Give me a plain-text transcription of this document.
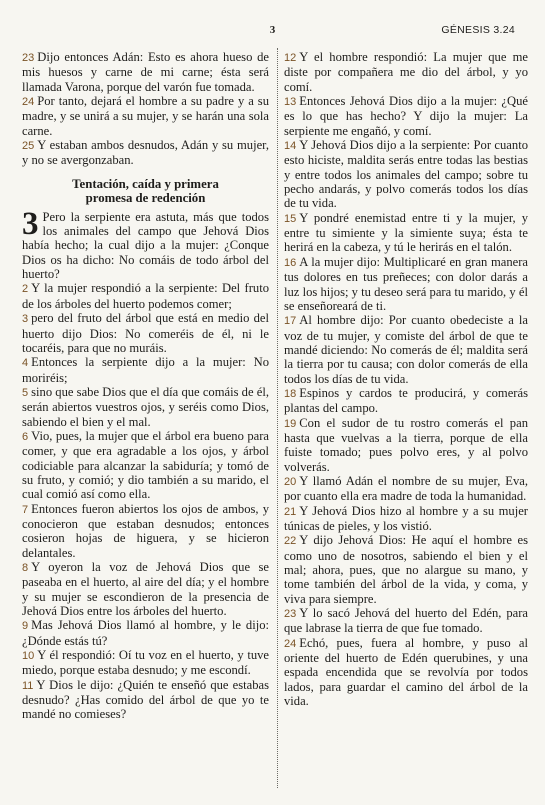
3	GÉNESIS 3.24

23 Dijo entonces Adán: Esto es ahora hueso de mis huesos y carne de mi carne; ésta será llamada Varona, porque del varón fue tomada.

24 Por tanto, dejará el hombre a su padre y a su madre, y se unirá a su mujer, y se harán una sola carne.

25 Y estaban ambos desnudos, Adán y su mujer, y no se avergonzaban.

Tentación, caída y primera
promesa de redención
3 Pero la serpiente era astuta, más que todos los animales del campo que Jehová Dios había hecho; la cual dijo a la mujer: ¿Conque Dios os ha dicho: No comáis de todo árbol del huerto?

2 Y la mujer respondió a la serpiente: Del fruto de los árboles del huerto podemos comer;

3 pero del fruto del árbol que está en medio del huerto dijo Dios: No comeréis de él, ni le tocaréis, para que no muráis.

4 Entonces la serpiente dijo a la mujer: No moriréis;

5 sino que sabe Dios que el día que comáis de él, serán abiertos vuestros ojos, y seréis como Dios, sabiendo el bien y el mal.

6 Vio, pues, la mujer que el árbol era bueno para comer, y que era agradable a los ojos, y árbol codiciable para alcanzar la sabiduría; y tomó de su fruto, y comió; y dio también a su marido, el cual comió así como ella.

7 Entonces fueron abiertos los ojos de ambos, y conocieron que estaban desnudos; entonces cosieron hojas de higuera, y se hicieron delantales.

8 Y oyeron la voz de Jehová Dios que se paseaba en el huerto, al aire del día; y el hombre y su mujer se escondieron de la presencia de Jehová Dios entre los árboles del huerto.

9 Mas Jehová Dios llamó al hombre, y le dijo: ¿Dónde estás tú?

10 Y él respondió: Oí tu voz en el huerto, y tuve miedo, porque estaba desnudo; y me escondí.

11 Y Dios le dijo: ¿Quién te enseñó que estabas desnudo? ¿Has comido del árbol de que yo te mandé no comieses?

12 Y el hombre respondió: La mujer que me diste por compañera me dio del árbol, y yo comí.

13 Entonces Jehová Dios dijo a la mujer: ¿Qué es lo que has hecho? Y dijo la mujer: La serpiente me engañó, y comí.

14 Y Jehová Dios dijo a la serpiente: Por cuanto esto hiciste, maldita serás entre todas las bestias y entre todos los animales del campo; sobre tu pecho andarás, y polvo comerás todos los días de tu vida.

15 Y pondré enemistad entre ti y la mujer, y entre tu simiente y la simiente suya; ésta te herirá en la cabeza, y tú le herirás en el talón.

16 A la mujer dijo: Multiplicaré en gran manera tus dolores en tus preñeces; con dolor darás a luz los hijos; y tu deseo será para tu marido, y él se enseñoreará de ti.

17 Al hombre dijo: Por cuanto obedeciste a la voz de tu mujer, y comiste del árbol de que te mandé diciendo: No comerás de él; maldita será la tierra por tu causa; con dolor comerás de ella todos los días de tu vida.

18 Espinos y cardos te producirá, y comerás plantas del campo.

19 Con el sudor de tu rostro comerás el pan hasta que vuelvas a la tierra, porque de ella fuiste tomado; pues polvo eres, y al polvo volverás.

20 Y llamó Adán el nombre de su mujer, Eva, por cuanto ella era madre de toda la humanidad.

21 Y Jehová Dios hizo al hombre y a su mujer túnicas de pieles, y los vistió.

22 Y dijo Jehová Dios: He aquí el hombre es como uno de nosotros, sabiendo el bien y el mal; ahora, pues, que no alargue su mano, y tome también del árbol de la vida, y coma, y viva para siempre.

23 Y lo sacó Jehová del huerto del Edén, para que labrase la tierra de que fue tomado.

24 Echó, pues, fuera al hombre, y puso al oriente del huerto de Edén querubines, y una espada encendida que se revolvía por todos lados, para guardar el camino del árbol de la vida.
